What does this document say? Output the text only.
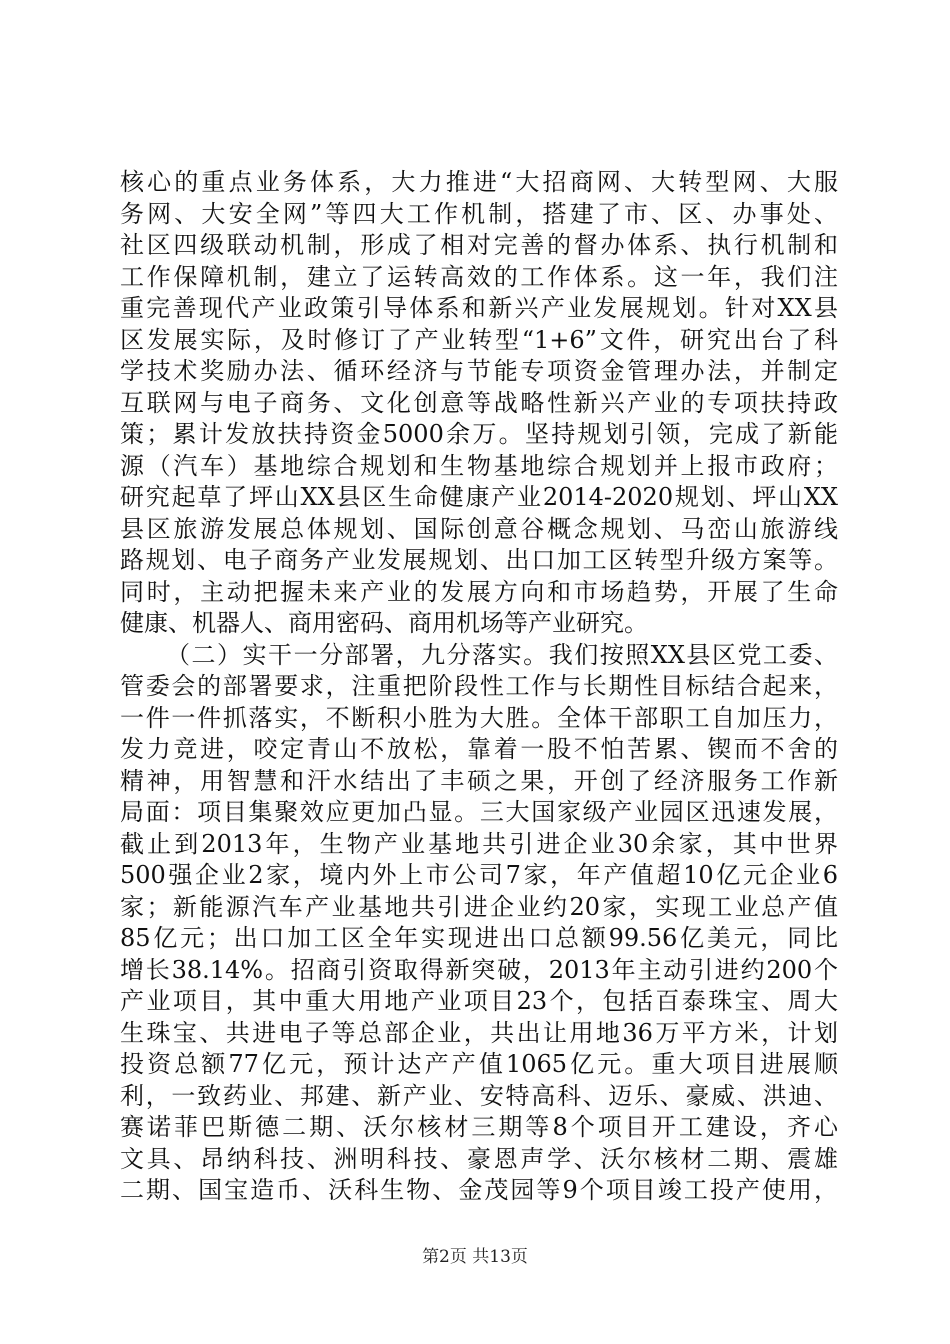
核心的重点业务体系，大力推进“大招商网、大转型网、大服
务网、大安全网”等四大工作机制，搭建了市、区、办事处、
社区四级联动机制，形成了相对完善的督办体系、执行机制和
工作保障机制，建立了运转高效的工作体系。这一年，我们注
重完善现代产业政策引导体系和新兴产业发展规划。针对XX县
区发展实际，及时修订了产业转型“1+6”文件，研究出台了科
学技术奖励办法、循环经济与节能专项资金管理办法，并制定
互联网与电子商务、文化创意等战略性新兴产业的专项扶持政
策；累计发放扶持资金5000余万。坚持规划引领，完成了新能
源（汽车）基地综合规划和生物基地综合规划并上报市政府；
研究起草了坪山XX县区生命健康产业2014-2020规划、坪山XX
县区旅游发展总体规划、国际创意谷概念规划、马峦山旅游线
路规划、电子商务产业发展规划、出口加工区转型升级方案等。
同时，主动把握未来产业的发展方向和市场趋势，开展了生命
健康、机器人、商用密码、商用机场等产业研究。
（二）实干一分部署，九分落实。我们按照XX县区党工委、
管委会的部署要求，注重把阶段性工作与长期性目标结合起来，
一件一件抓落实，不断积小胜为大胜。全体干部职工自加压力，
发力竞进，咬定青山不放松，靠着一股不怕苦累、锲而不舍的
精神，用智慧和汗水结出了丰硕之果，开创了经济服务工作新
局面：项目集聚效应更加凸显。三大国家级产业园区迅速发展，
截止到2013年，生物产业基地共引进企业30余家，其中世界
500强企业2家，境内外上市公司7家，年产值超10亿元企业6
家；新能源汽车产业基地共引进企业约20家，实现工业总产值
85亿元；出口加工区全年实现进出口总额99.56亿美元，同比
增长38.14%。招商引资取得新突破，2013年主动引进约200个
产业项目，其中重大用地产业项目23个，包括百泰珠宝、周大
生珠宝、共进电子等总部企业，共出让用地36万平方米，计划
投资总额77亿元，预计达产产值1065亿元。重大项目进展顺
利，一致药业、邦建、新产业、安特高科、迈乐、豪威、洪迪、
赛诺菲巴斯德二期、沃尔核材三期等8个项目开工建设，齐心
文具、昂纳科技、洲明科技、豪恩声学、沃尔核材二期、震雄
二期、国宝造币、沃科生物、金茂园等9个项目竣工投产使用，
第2页 共13页
